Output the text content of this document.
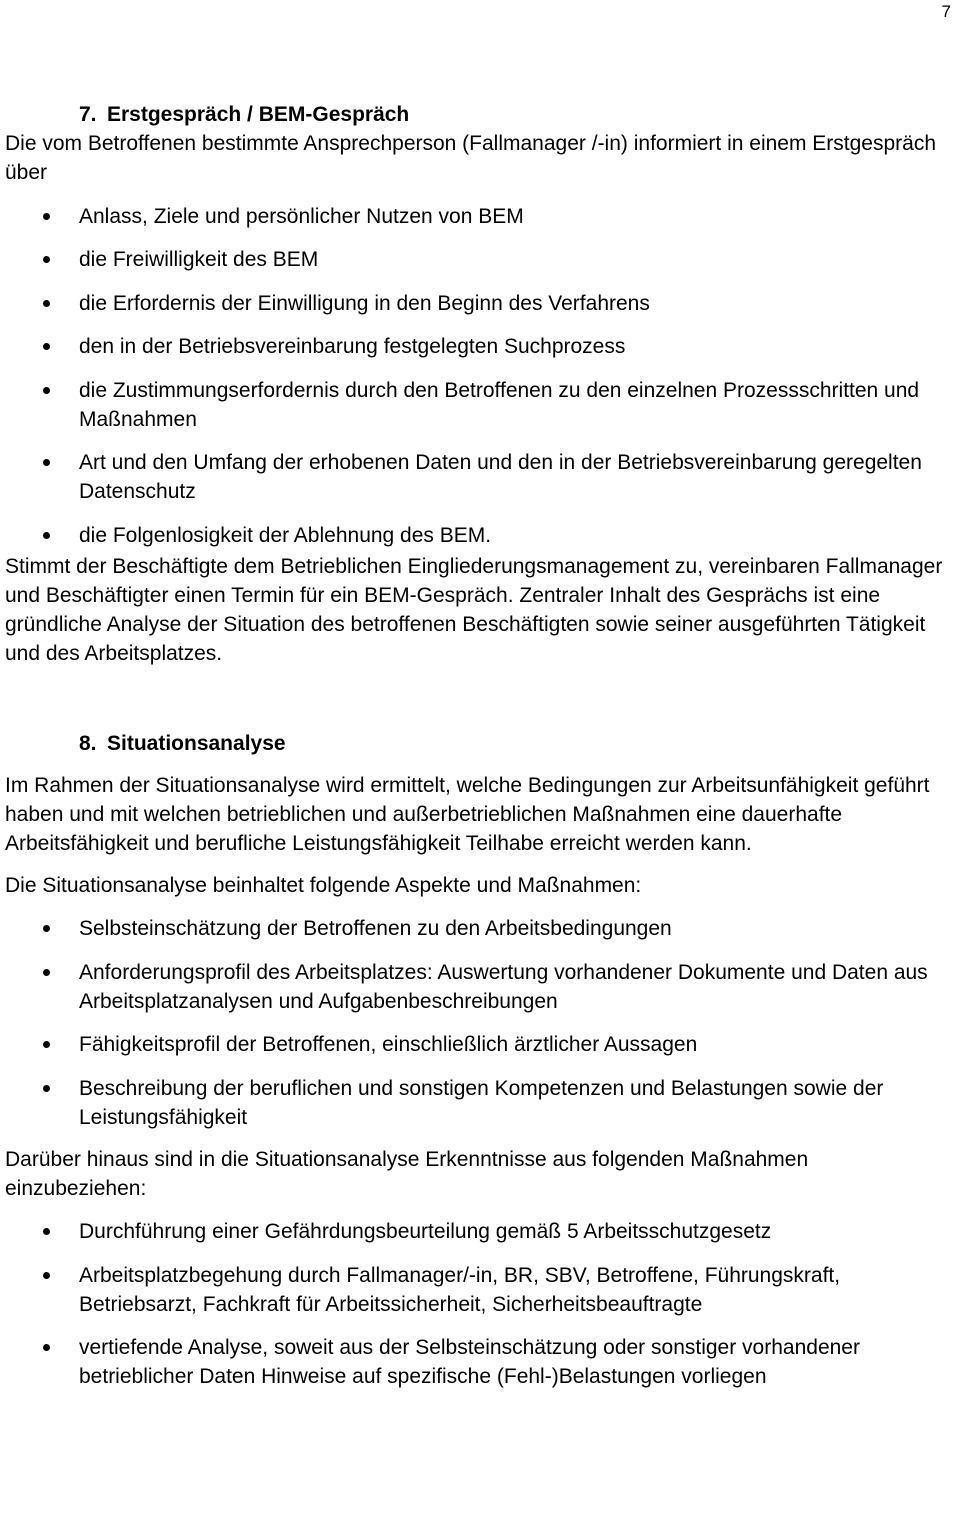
7
7. Erstgespräch / BEM-Gespräch

Die vom Betroffenen bestimmte Ansprechperson (Fallmanager /-in) informiert in einem Erstgespräch über

Anlass, Ziele und persönlicher Nutzen von BEM
die Freiwilligkeit des BEM
die Erfordernis der Einwilligung in den Beginn des Verfahrens
den in der Betriebsvereinbarung festgelegten Suchprozess
die Zustimmungserfordernis durch den Betroffenen zu den einzelnen Prozessschritten und Maßnahmen
Art und den Umfang der erhobenen Daten und den in der Betriebsvereinbarung geregelten Datenschutz
die Folgenlosigkeit der Ablehnung des BEM.

Stimmt der Beschäftigte dem Betrieblichen Eingliederungsmanagement zu, vereinbaren Fallmanager und Beschäftigter einen Termin für ein BEM-Gespräch. Zentraler Inhalt des Gesprächs ist eine gründliche Analyse der Situation des betroffenen Beschäftigten sowie seiner ausgeführten Tätigkeit und des Arbeitsplatzes.

8. Situationsanalyse

Im Rahmen der Situationsanalyse wird ermittelt, welche Bedingungen zur Arbeitsunfähigkeit geführt haben und mit welchen betrieblichen und außerbetrieblichen Maßnahmen eine dauerhafte Arbeitsfähigkeit und berufliche Leistungsfähigkeit Teilhabe erreicht werden kann.

Die Situationsanalyse beinhaltet folgende Aspekte und Maßnahmen:

Selbsteinschätzung der Betroffenen zu den Arbeitsbedingungen
Anforderungsprofil des Arbeitsplatzes: Auswertung vorhandener Dokumente und Daten aus Arbeitsplatzanalysen und Aufgabenbeschreibungen
Fähigkeitsprofil der Betroffenen, einschließlich ärztlicher Aussagen
Beschreibung der beruflichen und sonstigen Kompetenzen und Belastungen sowie der Leistungsfähigkeit

Darüber hinaus sind in die Situationsanalyse Erkenntnisse aus folgenden Maßnahmen einzubeziehen:

Durchführung einer Gefährdungsbeurteilung gemäß 5 Arbeitsschutzgesetz
Arbeitsplatzbegehung durch Fallmanager/-in, BR, SBV, Betroffene, Führungskraft, Betriebsarzt, Fachkraft für Arbeitssicherheit, Sicherheitsbeauftragte
vertiefende Analyse, soweit aus der Selbsteinschätzung oder sonstiger vorhandener betrieblicher Daten Hinweise auf spezifische (Fehl-)Belastungen vorliegen
